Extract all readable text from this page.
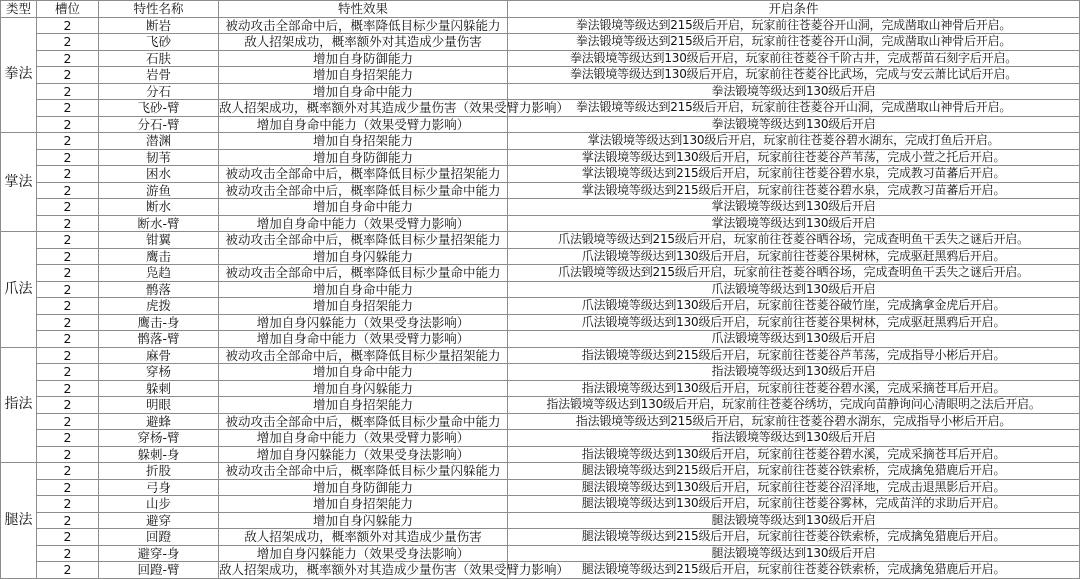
类型	槽位	特性名称	特性效果	开启条件
拳法	2	断岩	被动攻击全部命中后，概率降低目标少量闪躲能力	拳法锻境等级达到215级后开启，玩家前往苍菱谷开山洞，完成凿取山神骨后开启。
	2	飞砂	敌人招架成功，概率额外对其造成少量伤害	拳法锻境等级达到215级后开启，玩家前往苍菱谷开山洞，完成凿取山神骨后开启。
	2	石肤	增加自身防御能力	拳法锻境等级达到130级后开启，玩家前往苍菱谷千阶古井，完成帮苗石刻字后开启。
	2	岩骨	增加自身招架能力	拳法锻境等级达到130级后开启，玩家前往苍菱谷比武场，完成与安云萧比试后开启。
	2	分石	增加自身命中能力	拳法锻境等级达到130级后开启
	2	飞砂-臂	敌人招架成功，概率额外对其造成少量伤害（效果受臂力影响）	拳法锻境等级达到215级后开启，玩家前往苍菱谷开山洞，完成凿取山神骨后开启。
	2	分石-臂	增加自身命中能力（效果受臂力影响）	拳法锻境等级达到130级后开启
掌法	2	潜渊	增加自身招架能力	掌法锻境等级达到130级后开启，玩家前往苍菱谷碧水湖东，完成打鱼后开启。
	2	韧苇	增加自身防御能力	掌法锻境等级达到130级后开启，玩家前往苍菱谷芦苇荡，完成小萱之托后开启。
	2	困水	被动攻击全部命中后，概率降低目标少量招架能力	掌法锻境等级达到215级后开启，玩家前往苍菱谷碧水泉，完成教习苗蕃后开启。
	2	游鱼	被动攻击全部命中后，概率降低目标少量命中能力	掌法锻境等级达到215级后开启，玩家前往苍菱谷碧水泉，完成教习苗蕃后开启。
	2	断水	增加自身命中能力	掌法锻境等级达到130级后开启
	2	断水-臂	增加自身命中能力（效果受臂力影响）	掌法锻境等级达到130级后开启
爪法	2	钳翼	被动攻击全部命中后，概率降低目标少量招架能力	爪法锻境等级达到215级后开启，玩家前往苍菱谷晒谷场，完成查明鱼干丢失之谜后开启。
	2	鹰击	增加自身闪躲能力	爪法锻境等级达到130级后开启，玩家前往苍菱谷果树林，完成驱赶黑鸦后开启。
	2	凫趋	被动攻击全部命中后，概率降低目标少量命中能力	爪法锻境等级达到215级后开启，玩家前往苍菱谷晒谷场，完成查明鱼干丢失之谜后开启。
	2	鹘落	增加自身命中能力	爪法锻境等级达到130级后开启
	2	虎拨	增加自身招架能力	爪法锻境等级达到130级后开启，玩家前往苍菱谷破竹崖，完成擒拿金虎后开启。
	2	鹰击-身	增加自身闪躲能力（效果受身法影响）	爪法锻境等级达到130级后开启，玩家前往苍菱谷果树林，完成驱赶黑鸦后开启。
	2	鹘落-臂	增加自身命中能力（效果受臂力影响）	爪法锻境等级达到130级后开启
指法	2	麻骨	被动攻击全部命中后，概率降低目标少量招架能力	指法锻境等级达到215级后开启，玩家前往苍菱谷芦苇荡，完成指导小彬后开启。
	2	穿杨	增加自身命中能力	指法锻境等级达到130级后开启
	2	躲刺	增加自身闪躲能力	指法锻境等级达到130级后开启，玩家前往苍菱谷碧水溪，完成采摘苍耳后开启。
	2	明眼	增加自身招架能力	指法锻境等级达到130级后开启，玩家前往苍菱谷绣坊，完成向苗静询问心清眼明之法后开启。
	2	避蜂	被动攻击全部命中后，概率降低目标少量命中能力	指法锻境等级达到215级后开启，玩家前往苍菱谷碧水湖东，完成指导小彬后开启。
	2	穿杨-臂	增加自身命中能力（效果受臂力影响）	指法锻境等级达到130级后开启
	2	躲刺-身	增加自身闪躲能力（效果受身法影响）	指法锻境等级达到130级后开启，玩家前往苍菱谷碧水溪，完成采摘苍耳后开启。
腿法	2	折股	被动攻击全部命中后，概率降低目标少量闪躲能力	腿法锻境等级达到215级后开启，玩家前往苍菱谷铁索桥，完成擒兔猎鹿后开启。
	2	弓身	增加自身防御能力	腿法锻境等级达到130级后开启，玩家前往苍菱谷沼泽地，完成击退黑影后开启。
	2	山步	增加自身招架能力	腿法锻境等级达到130级后开启，玩家前往苍菱谷雾林，完成苗洋的求助后开启。
	2	避穿	增加自身闪躲能力	腿法锻境等级达到130级后开启
	2	回蹬	敌人招架成功，概率额外对其造成少量伤害	腿法锻境等级达到215级后开启，玩家前往苍菱谷铁索桥，完成擒兔猎鹿后开启。
	2	避穿-身	增加自身闪躲能力（效果受身法影响）	腿法锻境等级达到130级后开启
	2	回蹬-臂	敌人招架成功，概率额外对其造成少量伤害（效果受臂力影响）	腿法锻境等级达到215级后开启，玩家前往苍菱谷铁索桥，完成擒兔猎鹿后开启。
